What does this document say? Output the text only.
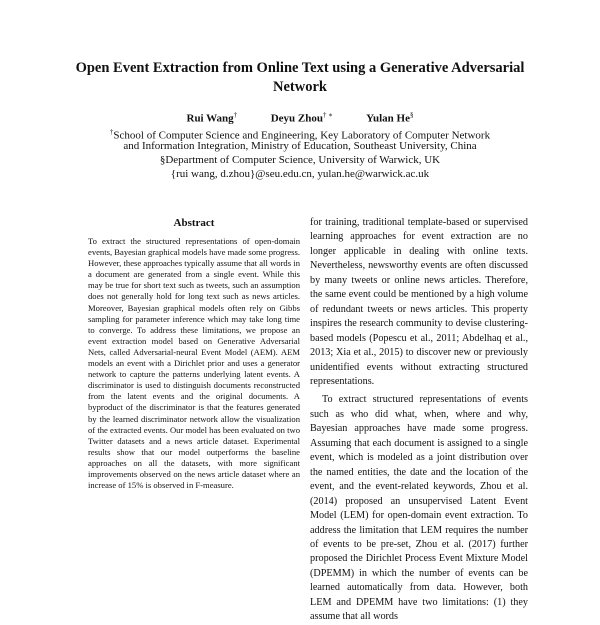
Open Event Extraction from Online Text using a Generative Adversarial Network
Rui Wang†	Deyu Zhou† ∗	Yulan He§
†School of Computer Science and Engineering, Key Laboratory of Computer Network
and Information Integration, Ministry of Education, Southeast University, China
§Department of Computer Science, University of Warwick, UK
{rui wang, d.zhou}@seu.edu.cn, yulan.he@warwick.ac.uk
Abstract
To extract the structured representations of open-domain events, Bayesian graphical models have made some progress. However, these approaches typically assume that all words in a document are generated from a single event. While this may be true for short text such as tweets, such an assumption does not generally hold for long text such as news articles. Moreover, Bayesian graphical models often rely on Gibbs sampling for parameter inference which may take long time to converge. To address these limitations, we propose an event extraction model based on Generative Adversarial Nets, called Adversarial-neural Event Model (AEM). AEM models an event with a Dirichlet prior and uses a generator network to capture the patterns underlying latent events. A discriminator is used to distinguish documents reconstructed from the latent events and the original documents. A byproduct of the discriminator is that the features generated by the learned discriminator network allow the visualization of the extracted events. Our model has been evaluated on two Twitter datasets and a news article dataset. Experimental results show that our model outperforms the baseline approaches on all the datasets, with more significant improvements observed on the news article dataset where an increase of 15% is observed in F-measure.

for training, traditional template-based or supervised learning approaches for event extraction are no longer applicable in dealing with online texts. Nevertheless, newsworthy events are often discussed by many tweets or online news articles. Therefore, the same event could be mentioned by a high volume of redundant tweets or news articles. This property inspires the research community to devise clustering-based models (Popescu et al., 2011; Abdelhaq et al., 2013; Xia et al., 2015) to discover new or previously unidentified events without extracting structured representations.

To extract structured representations of events such as who did what, when, where and why, Bayesian approaches have made some progress. Assuming that each document is assigned to a single event, which is modeled as a joint distribution over the named entities, the date and the location of the event, and the event-related keywords, Zhou et al. (2014) proposed an unsupervised Latent Event Model (LEM) for open-domain event extraction. To address the limitation that LEM requires the number of events to be pre-set, Zhou et al. (2017) further proposed the Dirichlet Process Event Mixture Model (DPEMM) in which the number of events can be learned automatically from data. However, both LEM and DPEMM have two limitations: (1) they assume that all words
